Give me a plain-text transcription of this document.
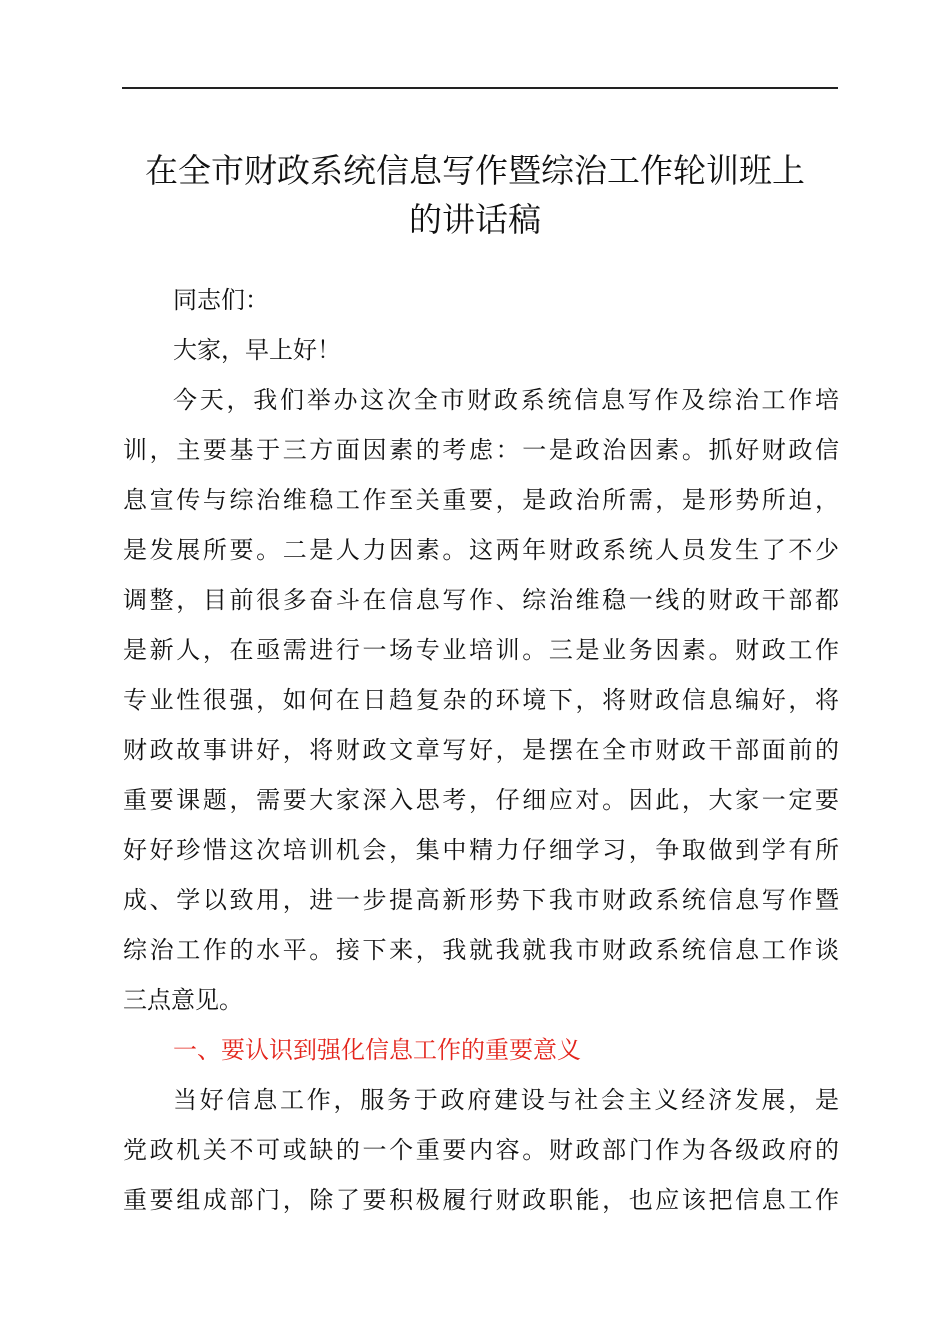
在全市财政系统信息写作暨综治工作轮训班上
的讲话稿
同志们：
大家，早上好！
今天，我们举办这次全市财政系统信息写作及综治工作培
训，主要基于三方面因素的考虑：一是政治因素。抓好财政信
息宣传与综治维稳工作至关重要，是政治所需，是形势所迫，
是发展所要。二是人力因素。这两年财政系统人员发生了不少
调整，目前很多奋斗在信息写作、综治维稳一线的财政干部都
是新人，在亟需进行一场专业培训。三是业务因素。财政工作
专业性很强，如何在日趋复杂的环境下，将财政信息编好，将
财政故事讲好，将财政文章写好，是摆在全市财政干部面前的
重要课题，需要大家深入思考，仔细应对。因此，大家一定要
好好珍惜这次培训机会，集中精力仔细学习，争取做到学有所
成、学以致用，进一步提高新形势下我市财政系统信息写作暨
综治工作的水平。接下来，我就我就我市财政系统信息工作谈
三点意见。
一、要认识到强化信息工作的重要意义
当好信息工作，服务于政府建设与社会主义经济发展，是
党政机关不可或缺的一个重要内容。财政部门作为各级政府的
重要组成部门，除了要积极履行财政职能，也应该把信息工作
